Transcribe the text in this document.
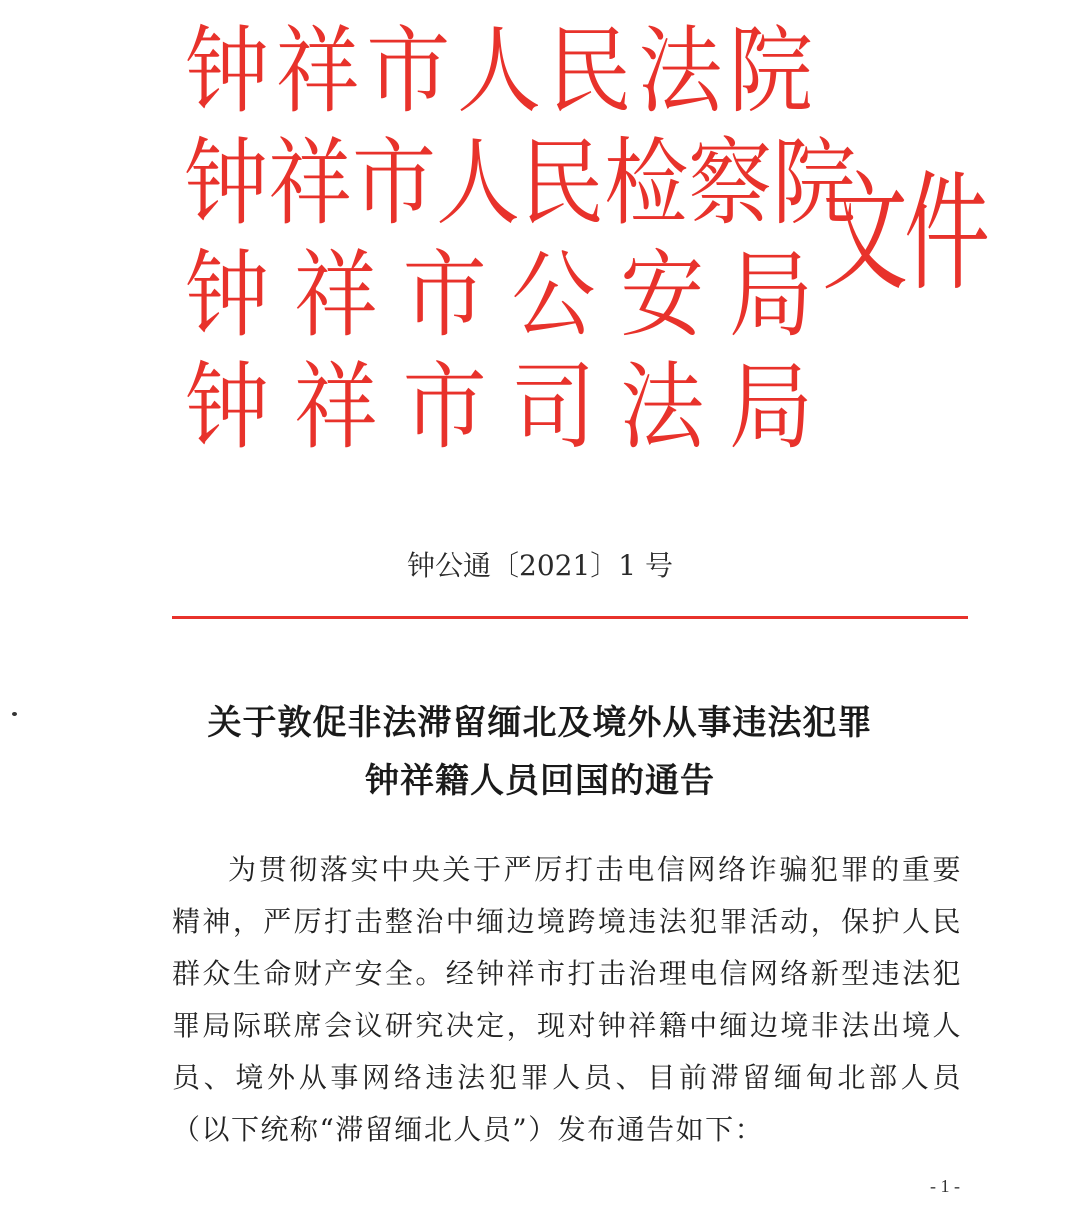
钟 祥 市 人 民 法 院
钟 祥 市 人 民 检 察 院
钟 祥 市 公 安 局
钟 祥 市 司 法 局
文件
钟公通〔2021〕1 号
关于敦促非法滞留缅北及境外从事违法犯罪
钟祥籍人员回国的通告

为贯彻落实中央关于严厉打击电信网络诈骗犯罪的重要精神，严厉打击整治中缅边境跨境违法犯罪活动，保护人民群众生命财产安全。经钟祥市打击治理电信网络新型违法犯罪局际联席会议研究决定，现对钟祥籍中缅边境非法出境人员、境外从事网络违法犯罪人员、目前滞留缅甸北部人员（以下统称“滞留缅北人员”）发布通告如下：

- 1 -
